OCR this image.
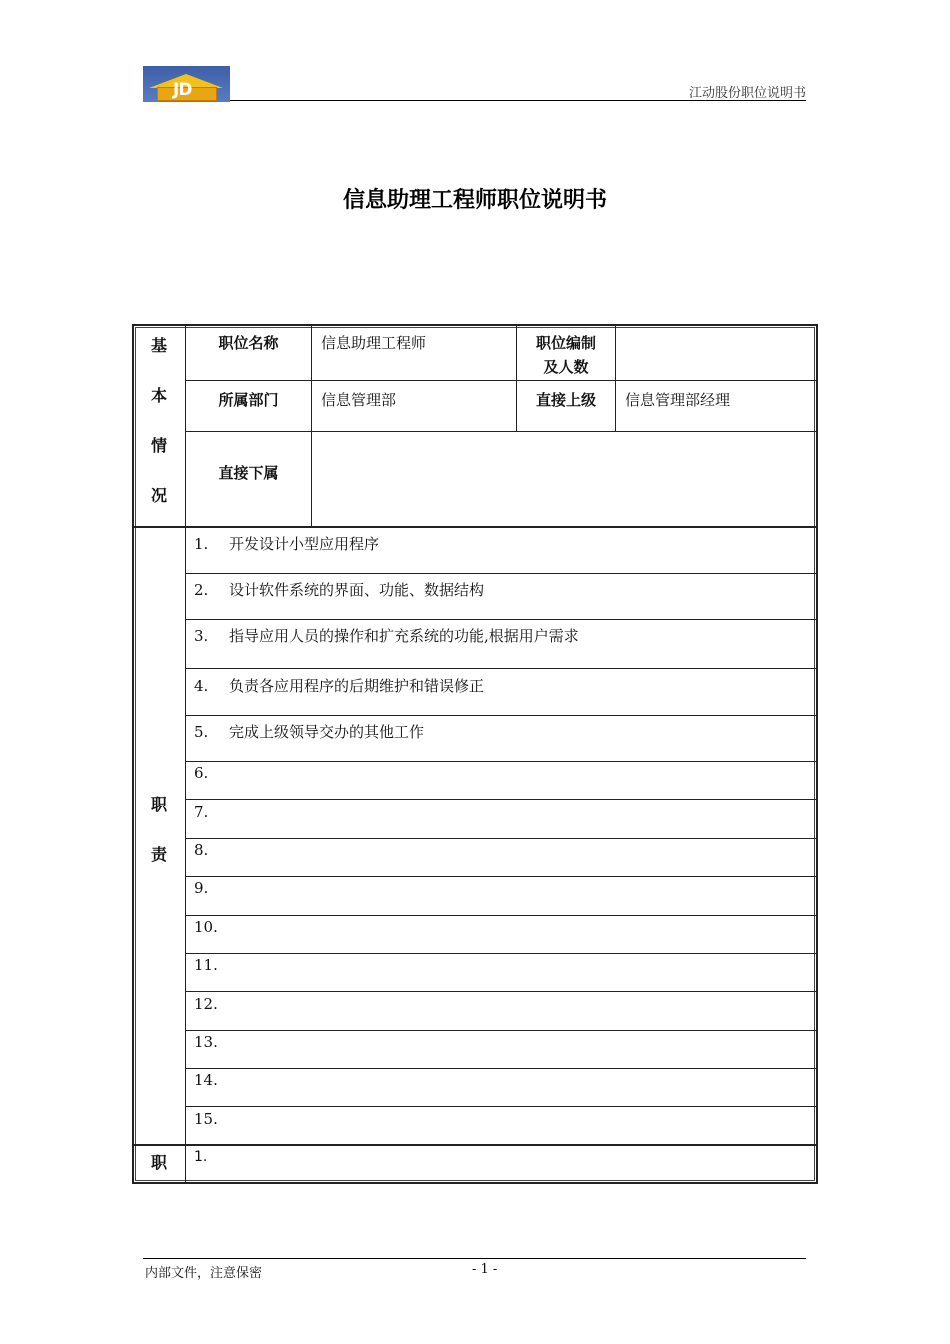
JD	江动股份职位说明书
信息助理工程师职位说明书
基
本
情
况
职位名称	信息助理工程师	职位编制
及人数
所属部门	信息管理部	直接上级	信息管理部经理
直接下属
职
责
1. 开发设计小型应用程序
2. 设计软件系统的界面、功能、数据结构
3. 指导应用人员的操作和扩充系统的功能,根据用户需求
4. 负责各应用程序的后期维护和错误修正
5. 完成上级领导交办的其他工作
6.
7.
8.
9.
10.
11.
12.
13.
14.
15.
职	1.
内部文件，注意保密	- 1 -
